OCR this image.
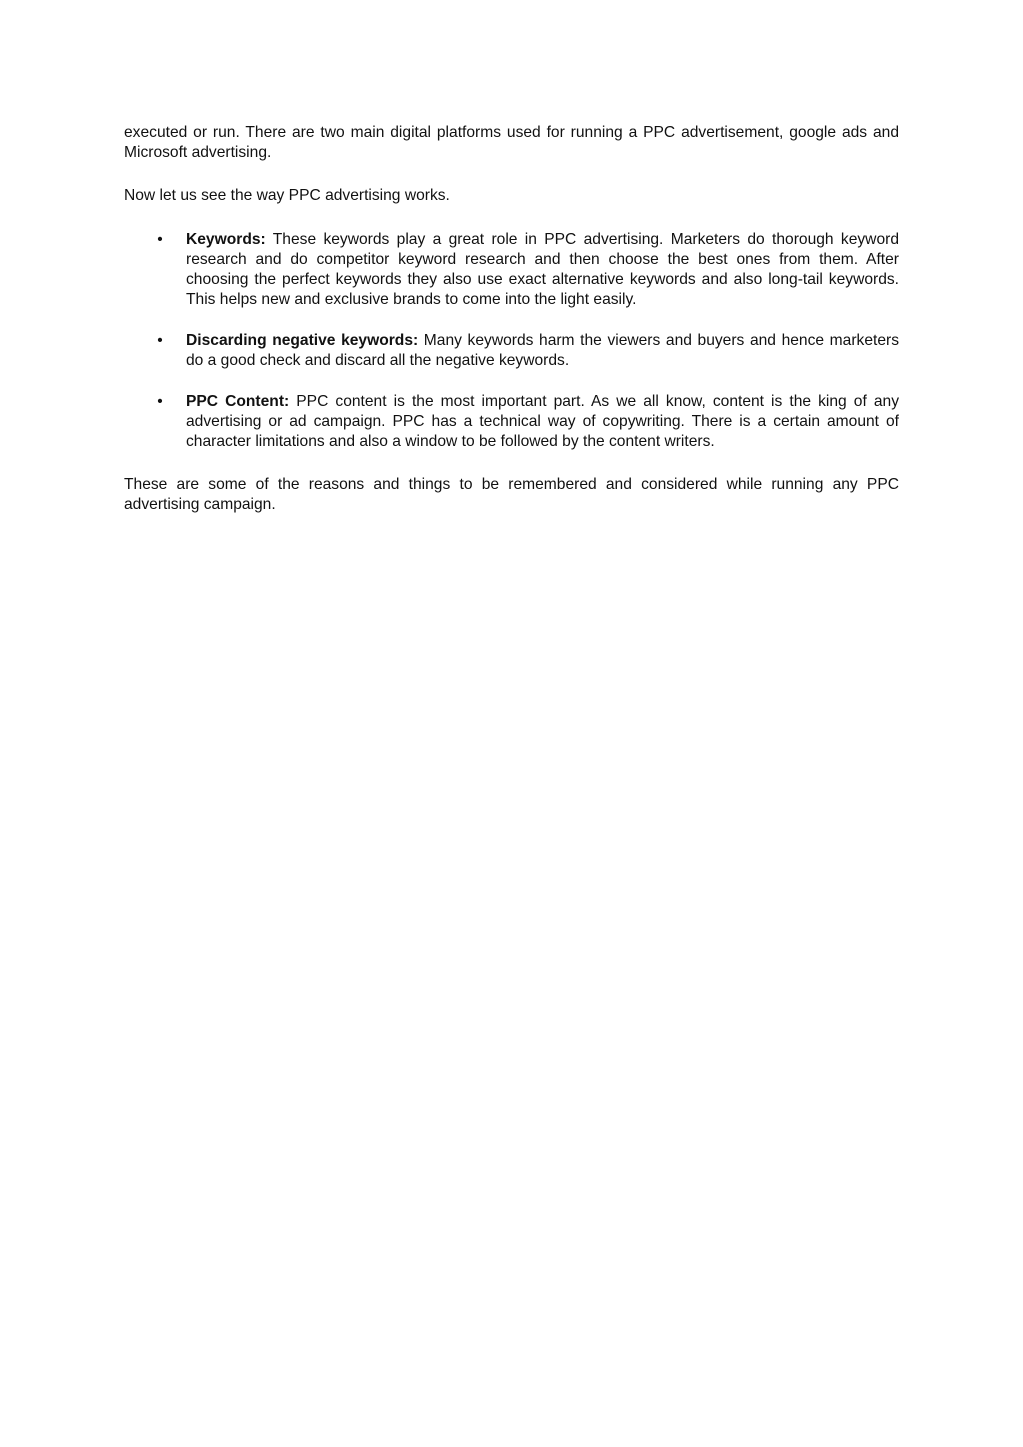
executed or run. There are two main digital platforms used for running a PPC advertisement, google ads and Microsoft advertising.

Now let us see the way PPC advertising works.

• Keywords: These keywords play a great role in PPC advertising. Marketers do thorough keyword research and do competitor keyword research and then choose the best ones from them. After choosing the perfect keywords they also use exact alternative keywords and also long-tail keywords. This helps new and exclusive brands to come into the light easily.
• Discarding negative keywords: Many keywords harm the viewers and buyers and hence marketers do a good check and discard all the negative keywords.
• PPC Content: PPC content is the most important part. As we all know, content is the king of any advertising or ad campaign. PPC has a technical way of copywriting. There is a certain amount of character limitations and also a window to be followed by the content writers.

These are some of the reasons and things to be remembered and considered while running any PPC advertising campaign.
